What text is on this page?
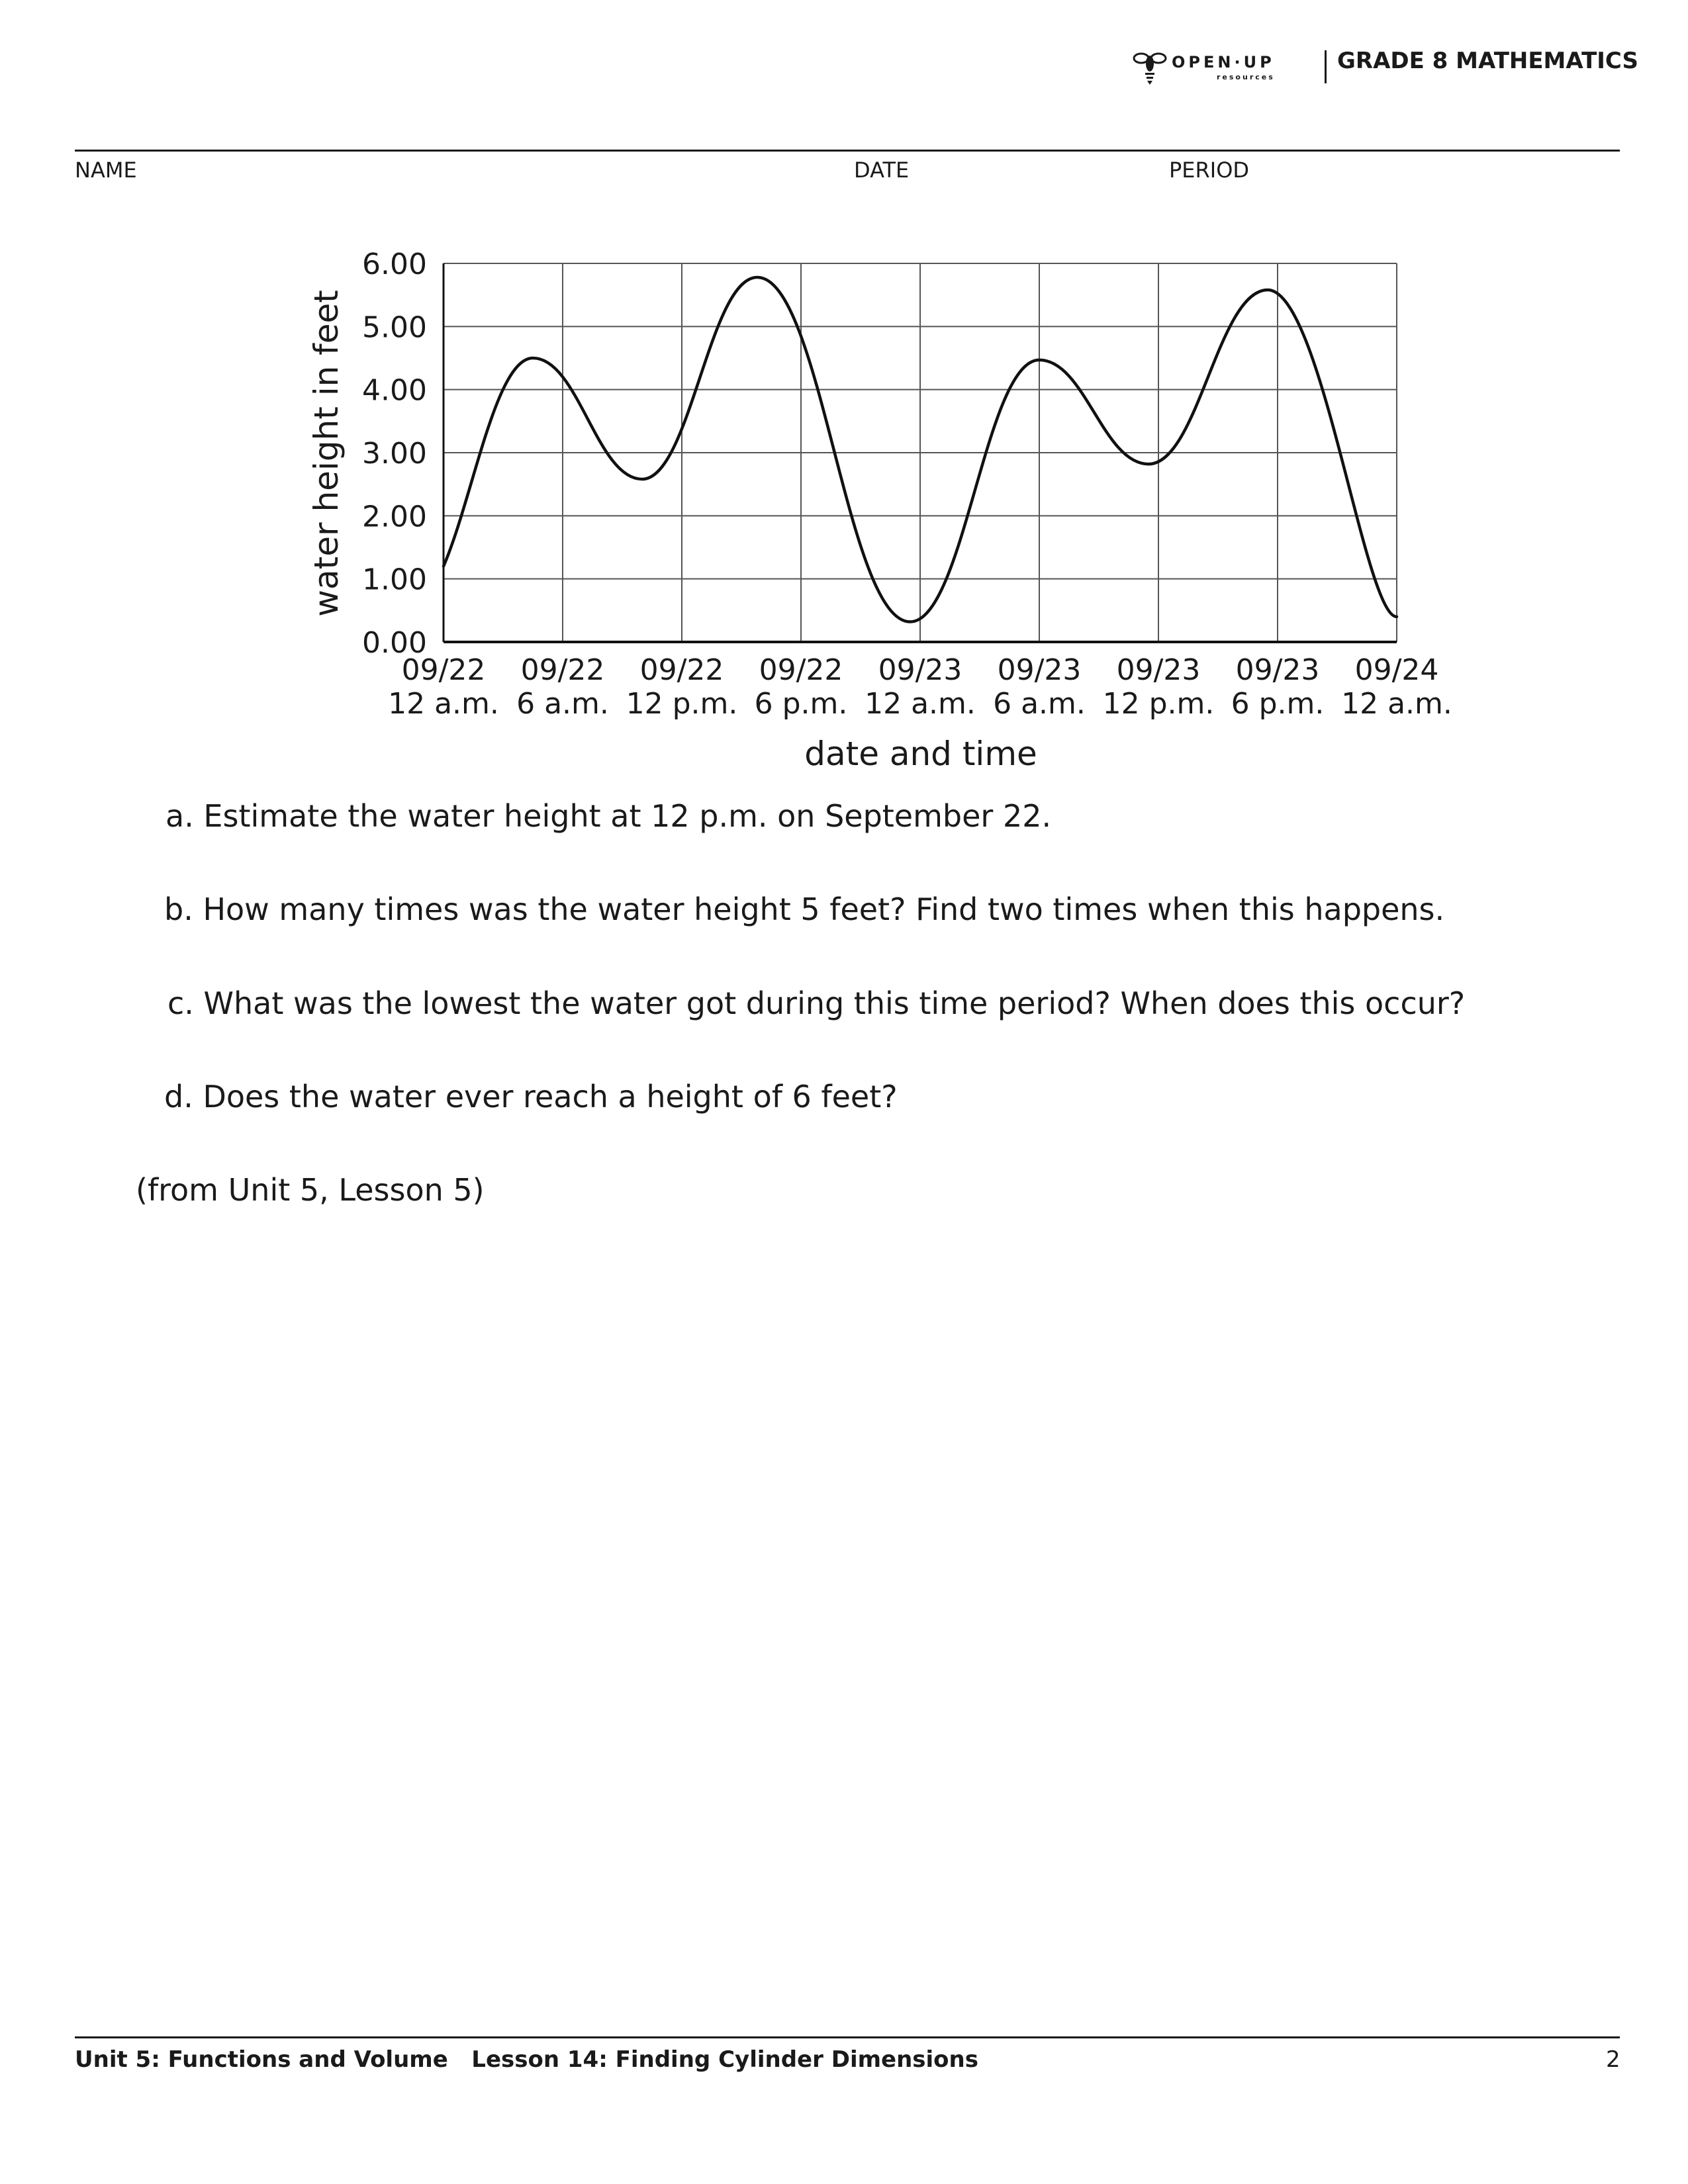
OPEN·UP
resources
GRADE 8 MATHEMATICS
NAME	DATE	PERIOD
0.00
1.00
2.00
3.00
4.00
5.00
6.00
09/22
12 a.m.
09/22
6 a.m.
09/22
12 p.m.
09/22
6 p.m.
09/23
12 a.m.
09/23
6 a.m.
09/23
12 p.m.
09/23
6 p.m.
09/24
12 a.m.
water height in feet
date and time
a. Estimate the water height at 12 p.m. on September 22.
b. How many times was the water height 5 feet? Find two times when this happens.
c. What was the lowest the water got during this time period? When does this occur?
d. Does the water ever reach a height of 6 feet?
(from Unit 5, Lesson 5)
Unit 5: Functions and Volume   Lesson 14: Finding Cylinder Dimensions	2
